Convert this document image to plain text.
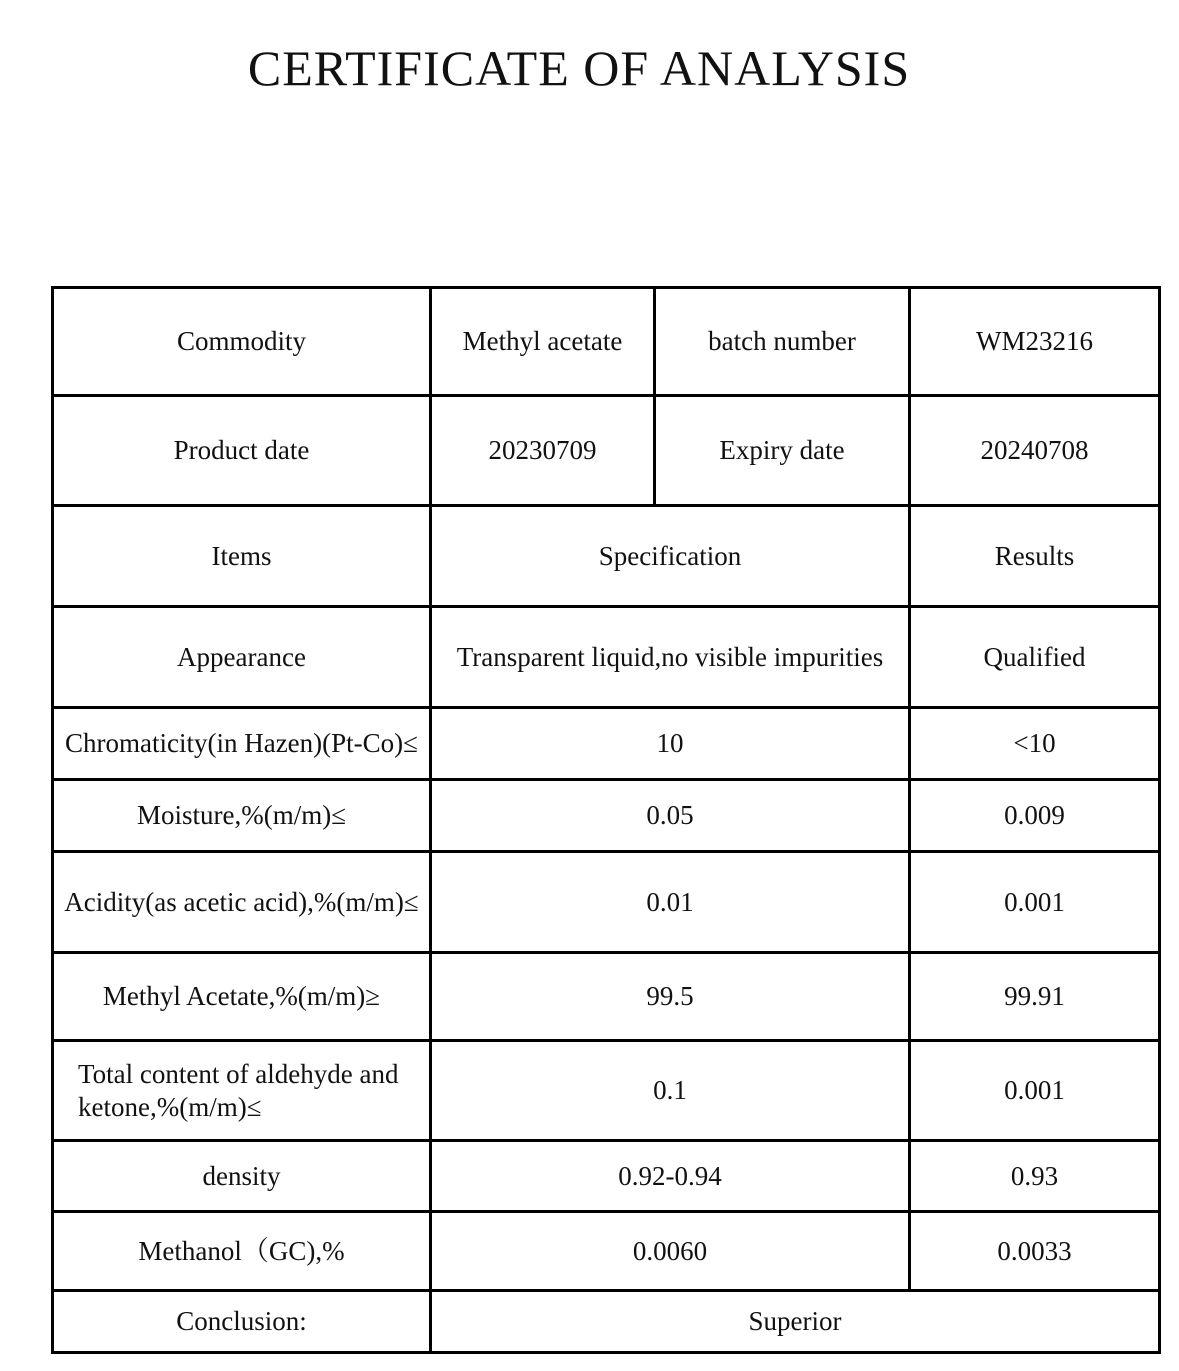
CERTIFICATE OF ANALYSIS
Commodity	Methyl acetate	batch number	WM23216
Product date	20230709	Expiry date	20240708
Items	Specification		Results
Appearance	Transparent liquid,no visible impurities		Qualified
Chromaticity(in Hazen)(Pt-Co)≤	10		<10
Moisture,%(m/m)≤	0.05		0.009
Acidity(as acetic acid),%(m/m)≤	0.01		0.001
Methyl Acetate,%(m/m)≥	99.5		99.91
Total content of aldehyde and ketone,%(m/m)≤	0.1		0.001
density	0.92-0.94		0.93
Methanol（GC),%	0.0060		0.0033
Conclusion:	Superior		
